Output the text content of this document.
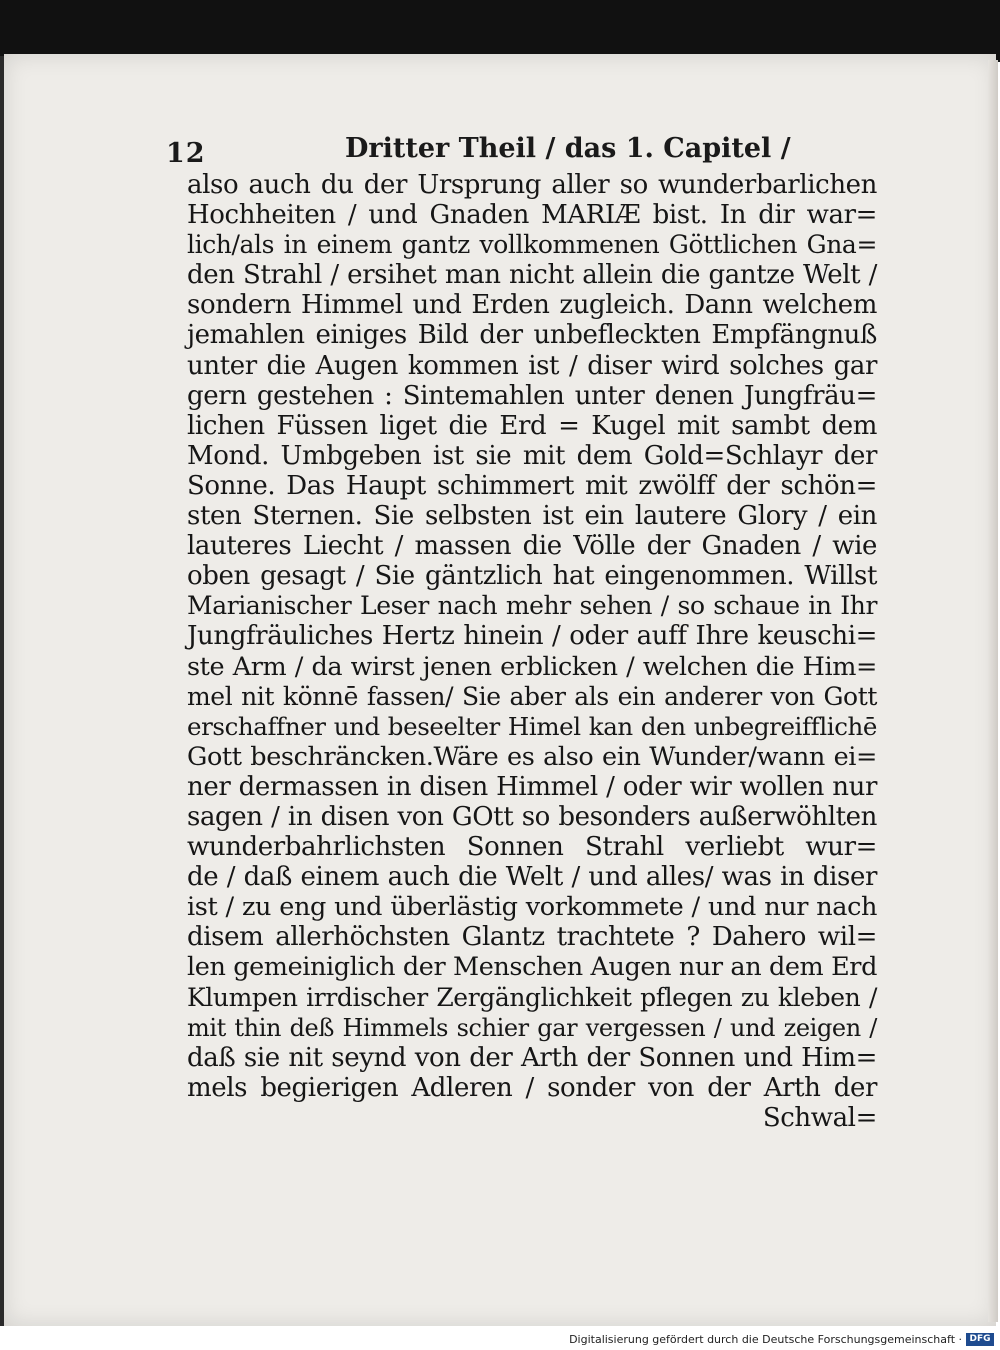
12	Dritter Theil / das 1. Capitel /
also auch du der Ursprung aller so wunderbarlichen
Hochheiten / und Gnaden MARIÆ bist. In dir war=
lich/als in einem gantz vollkommenen Göttlichen Gna=
den Strahl / ersihet man nicht allein die gantze Welt /
sondern Himmel und Erden zugleich. Dann welchem
jemahlen einiges Bild der unbefleckten Empfängnuß
unter die Augen kommen ist / diser wird solches gar
gern gestehen : Sintemahlen unter denen Jungfräu=
lichen Füssen liget die Erd = Kugel mit sambt dem
Mond. Umbgeben ist sie mit dem Gold=Schlayr der
Sonne. Das Haupt schimmert mit zwölff der schön=
sten Sternen. Sie selbsten ist ein lautere Glory / ein
lauteres Liecht / massen die Völle der Gnaden / wie
oben gesagt / Sie gäntzlich hat eingenommen. Willst
Marianischer Leser nach mehr sehen / so schaue in Ihr
Jungfräuliches Hertz hinein / oder auff Ihre keuschi=
ste Arm / da wirst jenen erblicken / welchen die Him=
mel nit könnē fassen/ Sie aber als ein anderer von Gott
erschaffner und beseelter Himel kan den unbegreifflichē
Gott beschräncken.Wäre es also ein Wunder/wann ei=
ner dermassen in disen Himmel / oder wir wollen nur
sagen / in disen von GOtt so besonders außerwöhlten
wunderbahrlichsten Sonnen Strahl verliebt wur=
de / daß einem auch die Welt / und alles/ was in diser
ist / zu eng und überlästig vorkommete / und nur nach
disem allerhöchsten Glantz trachtete ? Dahero wil=
len gemeiniglich der Menschen Augen nur an dem Erd
Klumpen irrdischer Zergänglichkeit pflegen zu kleben /
mit thin deß Himmels schier gar vergessen / und zeigen /
daß sie nit seynd von der Arth der Sonnen und Him=
mels begierigen Adleren / sonder von der Arth der
Schwal=
Digitalisierung gefördert durch die Deutsche Forschungsgemeinschaft · DFG
